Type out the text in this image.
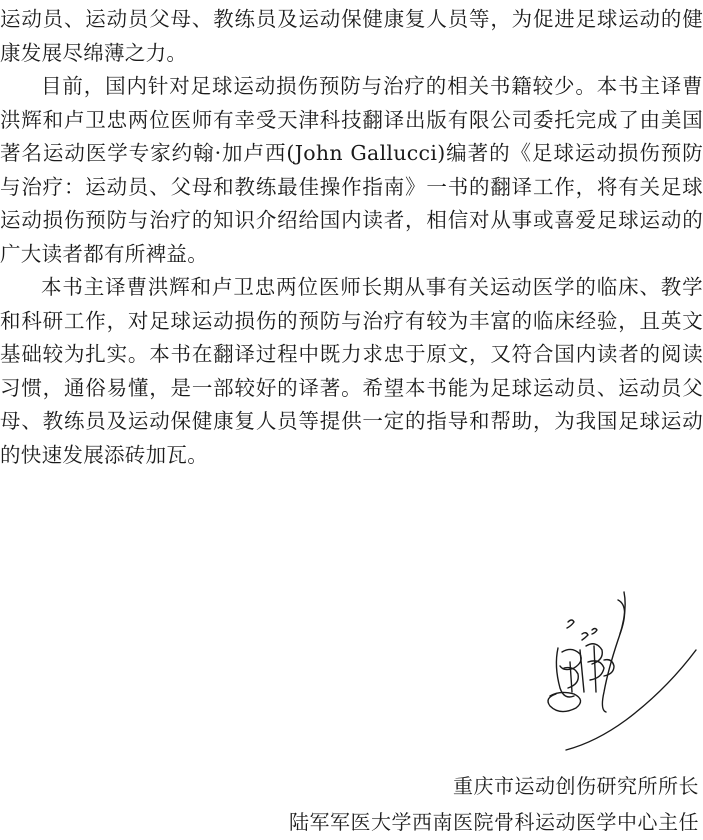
运动员、运动员父母、教练员及运动保健康复人员等，为促进足球运动的健康发展尽绵薄之力。

目前，国内针对足球运动损伤预防与治疗的相关书籍较少。本书主译曹洪辉和卢卫忠两位医师有幸受天津科技翻译出版有限公司委托完成了由美国著名运动医学专家约翰·加卢西(John Gallucci)编著的《足球运动损伤预防与治疗：运动员、父母和教练最佳操作指南》一书的翻译工作，将有关足球运动损伤预防与治疗的知识介绍给国内读者，相信对从事或喜爱足球运动的广大读者都有所裨益。

本书主译曹洪辉和卢卫忠两位医师长期从事有关运动医学的临床、教学和科研工作，对足球运动损伤的预防与治疗有较为丰富的临床经验，且英文基础较为扎实。本书在翻译过程中既力求忠于原文，又符合国内读者的阅读习惯，通俗易懂，是一部较好的译著。希望本书能为足球运动员、运动员父母、教练员及运动保健康复人员等提供一定的指导和帮助，为我国足球运动的快速发展添砖加瓦。

重庆市运动创伤研究所所长
陆军军医大学西南医院骨科运动医学中心主任
